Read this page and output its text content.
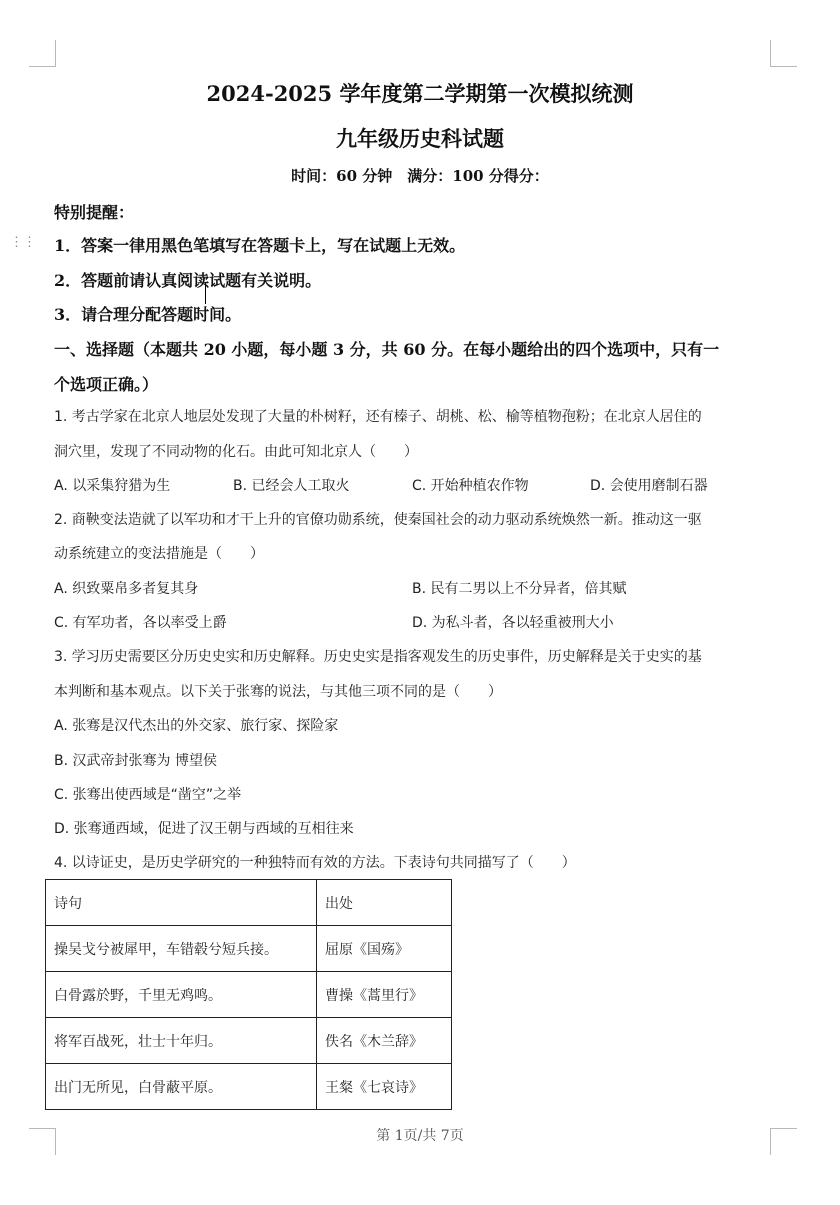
⋮⋮
2024-2025 学年度第二学期第一次模拟统测
九年级历史科试题
时间：60 分钟　满分：100 分得分：
特别提醒：
1．答案一律用黑色笔填写在答题卡上，写在试题上无效。
2．答题前请认真阅读试题有关说明。
3．请合理分配答题时间。
一、选择题（本题共 20 小题，每小题 3 分，共 60 分。在每小题给出的四个选项中，只有一
个选项正确。）
1. 考古学家在北京人地层处发现了大量的朴树籽，还有榛子、胡桃、松、榆等植物孢粉；在北京人居住的
洞穴里，发现了不同动物的化石。由此可知北京人（　　）
A. 以采集狩猎为生	B. 已经会人工取火	C. 开始种植农作物	D. 会使用磨制石器
2. 商鞅变法造就了以军功和才干上升的官僚功勋系统，使秦国社会的动力驱动系统焕然一新。推动这一驱
动系统建立的变法措施是（　　）
A. 织致粟帛多者复其身	B. 民有二男以上不分异者，倍其赋
C. 有军功者，各以率受上爵	D. 为私斗者，各以轻重被刑大小
3. 学习历史需要区分历史史实和历史解释。历史史实是指客观发生的历史事件，历史解释是关于史实的基
本判断和基本观点。以下关于张骞的说法，与其他三项不同的是（　　）
A. 张骞是汉代杰出的外交家、旅行家、探险家
B. 汉武帝封张骞为 博望侯
C. 张骞出使西域是“凿空”之举
D. 张骞通西域，促进了汉王朝与西域的互相往来
4. 以诗证史，是历史学研究的一种独特而有效的方法。下表诗句共同描写了（　　）
诗句	出处
操吴戈兮被犀甲，车错毂兮短兵接。	屈原《国殇》
白骨露於野，千里无鸡鸣。	曹操《蒿里行》
将军百战死，壮士十年归。	佚名《木兰辞》
出门无所见，白骨蔽平原。	王粲《七哀诗》
第 1页/共 7页
